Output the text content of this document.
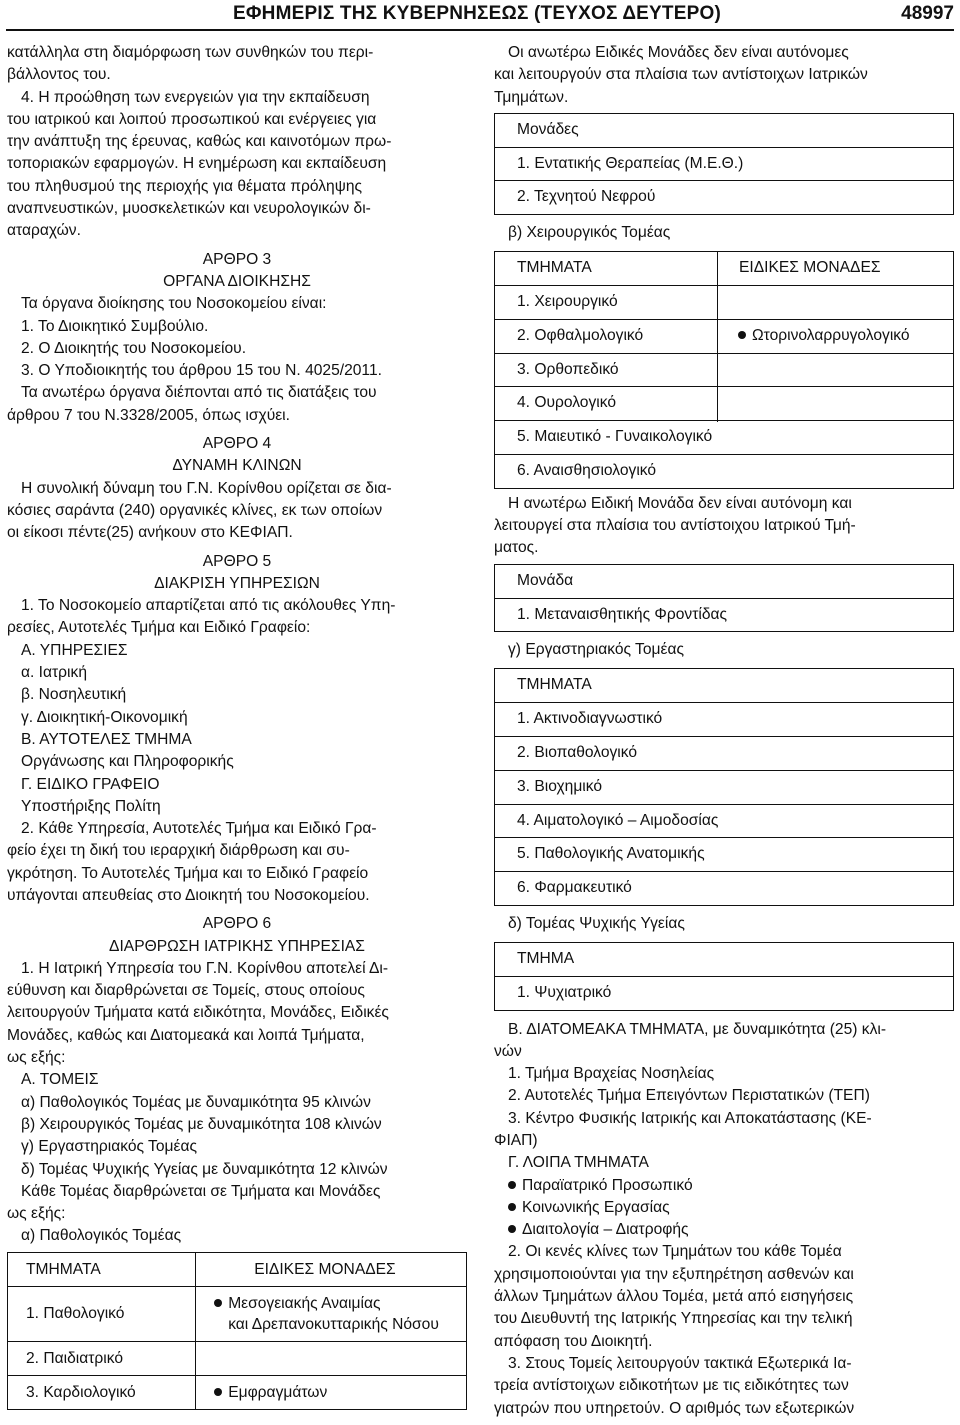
ΕΦΗΜΕΡΙΣ ΤΗΣ ΚΥΒΕΡΝΗΣΕΩΣ (ΤΕΥΧΟΣ ΔΕΥΤΕΡΟ)	48997

κατάλληλα στη διαμόρφωση των συνθηκών του περι-

βάλλοντος του.

4. Η προώθηση των ενεργειών για την εκπαίδευση

του ιατρικού και λοιπού προσωπικού και ενέργειες για

την ανάπτυξη της έρευνας, καθώς και καινοτόμων πρω-

τοποριακών εφαρμογών. Η ενημέρωση και εκπαίδευση

του πληθυσμού της περιοχής για θέματα πρόληψης

αναπνευστικών, μυοσκελετικών και νευρολογικών δι-

αταραχών.

ΑΡΘΡΟ 3

ΟΡΓΑΝΑ ΔΙΟΙΚΗΣΗΣ

Τα όργανα διοίκησης του Νοσοκομείου είναι:

1. Το Διοικητικό Συμβούλιο.

2. Ο Διοικητής του Νοσοκομείου.

3. Ο Υποδιοικητής του άρθρου 15 του Ν. 4025/2011.

Τα ανωτέρω όργανα διέπονται από τις διατάξεις του

άρθρου 7 του Ν.3328/2005, όπως ισχύει.

ΑΡΘΡΟ 4

ΔΥΝΑΜΗ ΚΛΙΝΩΝ

Η συνολική δύναμη του Γ.Ν. Κορίνθου ορίζεται σε δια-

κόσιες σαράντα (240) οργανικές κλίνες, εκ των οποίων

οι είκοσι πέντε(25) ανήκουν στο ΚΕΦΙΑΠ.

ΑΡΘΡΟ 5

ΔΙΑΚΡΙΣΗ ΥΠΗΡΕΣΙΩΝ

1. Το Νοσοκομείο απαρτίζεται από τις ακόλουθες Υπη-

ρεσίες, Αυτοτελές Τμήμα και Ειδικό Γραφείο:

Α. ΥΠΗΡΕΣΙΕΣ

α. Ιατρική

β. Νοσηλευτική

γ. Διοικητική-Οικονομική

Β. ΑΥΤΟΤΕΛΕΣ ΤΜΗΜΑ

Οργάνωσης και Πληροφορικής

Γ. ΕΙΔΙΚΟ ΓΡΑΦΕΙΟ

Υποστήριξης Πολίτη

2. Κάθε Υπηρεσία, Αυτοτελές Τμήμα και Ειδικό Γρα-

φείο έχει τη δική του ιεραρχική διάρθρωση και συ-

γκρότηση. Το Αυτοτελές Τμήμα και το Ειδικό Γραφείο

υπάγονται απευθείας στο Διοικητή του Νοσοκομείου.

ΑΡΘΡΟ 6

ΔΙΑΡΘΡΩΣΗ ΙΑΤΡΙΚΗΣ ΥΠΗΡΕΣΙΑΣ

1. Η Ιατρική Υπηρεσία του Γ.Ν. Κορίνθου αποτελεί Δι-

εύθυνση και διαρθρώνεται σε Τομείς, στους οποίους

λειτουργούν Τμήματα κατά ειδικότητα, Μονάδες, Ειδικές

Μονάδες, καθώς και Διατομεακά και λοιπά Τμήματα,

ως εξής:

Α. ΤΟΜΕΙΣ

α) Παθολογικός Τομέας με δυναμικότητα 95 κλινών

β) Χειρουργικός Τομέας με δυναμικότητα 108 κλινών

γ) Εργαστηριακός Τομέας

δ) Τομέας Ψυχικής Υγείας με δυναμικότητα 12 κλινών

Κάθε Τομέας διαρθρώνεται σε Τμήματα και Μονάδες

ως εξής:

α) Παθολογικός Τομέας

ΤΜΗΜΑΤΑ	ΕΙΔΙΚΕΣ ΜΟΝΑΔΕΣ
1. Παθολογικό	Μεσογειακής Αναιμίας
και Δρεπανοκυτταρικής Νόσου
2. Παιδιατρικό	
3. Καρδιολογικό	Εμφραγμάτων

Οι ανωτέρω Ειδικές Μονάδες δεν είναι αυτόνομες

και λειτουργούν στα πλαίσια των αντίστοιχων Ιατρικών

Τμημάτων.

Μονάδες
1. Εντατικής Θεραπείας (Μ.Ε.Θ.)
2. Τεχνητού Νεφρού
β) Χειρουργικός Τομέας
ΤΜΗΜΑΤΑ	ΕΙΔΙΚΕΣ ΜΟΝΑΔΕΣ
1. Χειρουργικό
2. Οφθαλμολογικό	Ωτορινολαρρυγολογικό
3. Ορθοπεδικό
4. Ουρολογικό
5. Μαιευτικό - Γυναικολογικό
6. Αναισθησιολογικό

Η ανωτέρω Ειδική Μονάδα δεν είναι αυτόνομη και

λειτουργεί στα πλαίσια του αντίστοιχου Ιατρικού Τμή-

ματος.

Μονάδα
1. Μεταναισθητικής Φροντίδας
γ) Εργαστηριακός Τομέας
ΤΜΗΜΑΤΑ
1. Ακτινοδιαγνωστικό
2. Βιοπαθολογικό
3. Βιοχημικό
4. Αιματολογικό – Αιμοδοσίας
5. Παθολογικής Ανατομικής
6. Φαρμακευτικό
δ) Τομέας Ψυχικής Υγείας
ΤΜΗΜΑ
1. Ψυχιατρικό

Β. ΔΙΑΤΟΜΕΑΚΑ ΤΜΗΜΑΤΑ, με δυναμικότητα (25) κλι-

νών

1. Τμήμα Βραχείας Νοσηλείας

2. Αυτοτελές Τμήμα Επειγόντων Περιστατικών (ΤΕΠ)

3. Κέντρο Φυσικής Ιατρικής και Αποκατάστασης (ΚΕ-

ΦΙΑΠ)

Γ. ΛΟΙΠΑ ΤΜΗΜΑΤΑ

Παραϊατρικό Προσωπικό

Κοινωνικής Εργασίας

Διαιτολογία – Διατροφής

2. Οι κενές κλίνες των Τμημάτων του κάθε Τομέα

χρησιμοποιούνται για την εξυπηρέτηση ασθενών και

άλλων Τμημάτων άλλου Τομέα, μετά από εισηγήσεις

του Διευθυντή της Ιατρικής Υπηρεσίας και την τελική

απόφαση του Διοικητή.

3. Στους Τομείς λειτουργούν τακτικά Εξωτερικά Ια-

τρεία αντίστοιχων ειδικοτήτων με τις ειδικότητες των

γιατρών που υπηρετούν. Ο αριθμός των εξωτερικών
